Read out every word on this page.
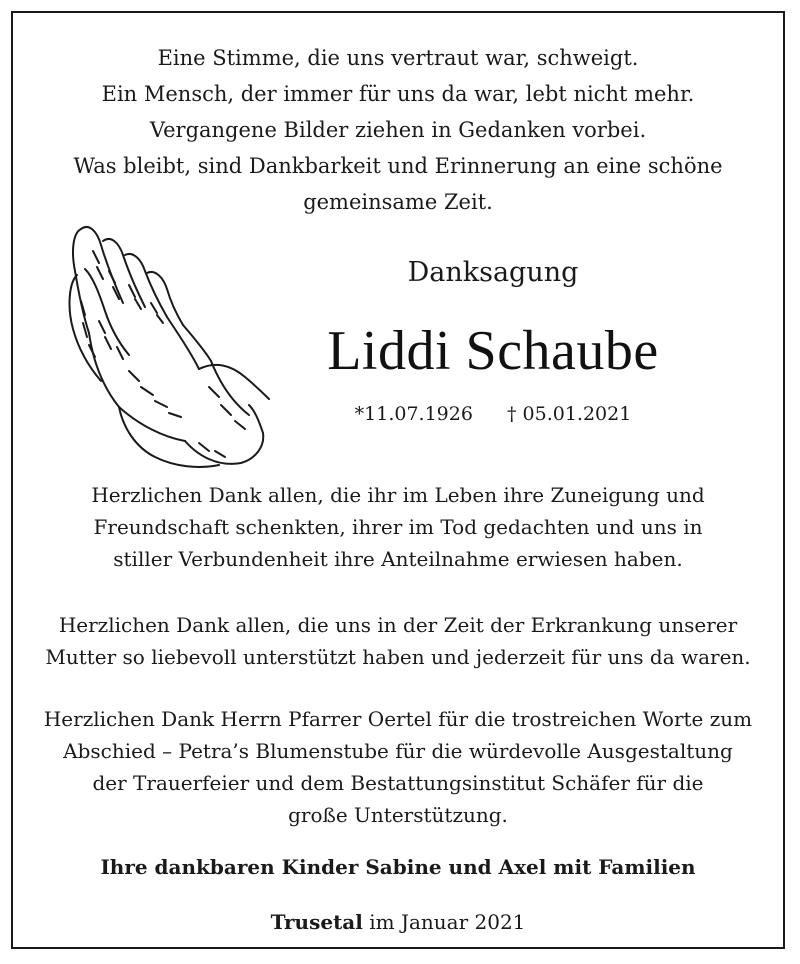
Eine Stimme, die uns vertraut war, schweigt.
Ein Mensch, der immer für uns da war, lebt nicht mehr.
Vergangene Bilder ziehen in Gedanken vorbei.
Was bleibt, sind Dankbarkeit und Erinnerung an eine schöne
gemeinsame Zeit.
Danksagung
Liddi Schaube
*11.07.1926 † 05.01.2021
Herzlichen Dank allen, die ihr im Leben ihre Zuneigung und
Freundschaft schenkten, ihrer im Tod gedachten und uns in
stiller Verbundenheit ihre Anteilnahme erwiesen haben.
Herzlichen Dank allen, die uns in der Zeit der Erkrankung unserer
Mutter so liebevoll unterstützt haben und jederzeit für uns da waren.
Herzlichen Dank Herrn Pfarrer Oertel für die trostreichen Worte zum
Abschied – Petra’s Blumenstube für die würdevolle Ausgestaltung
der Trauerfeier und dem Bestattungsinstitut Schäfer für die
große Unterstützung.
Ihre dankbaren Kinder Sabine und Axel mit Familien
Trusetal im Januar 2021
